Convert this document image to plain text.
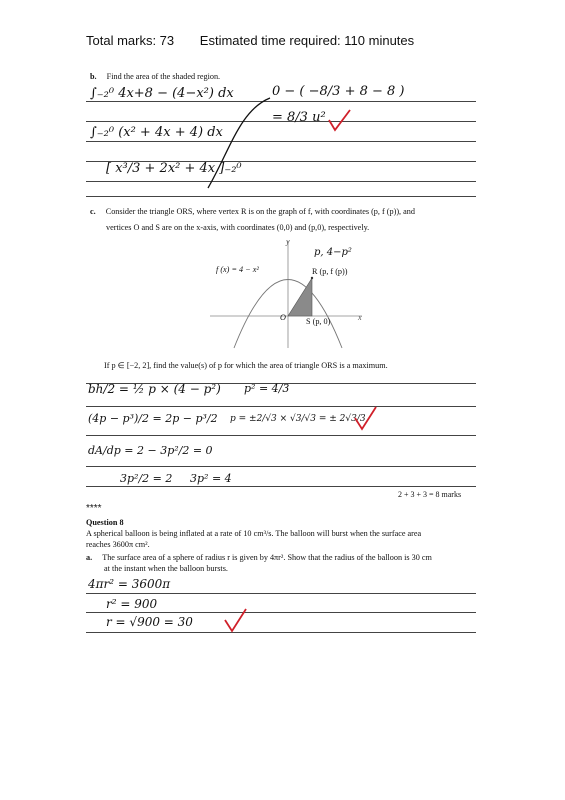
Total marks: 73 Estimated time required: 110 minutes
b. Find the area of the shaded region.
∫₋₂⁰ 4x+8 − (4−x²) dx
∫₋₂⁰ (x² + 4x + 4) dx
[ x³/3 + 2x² + 4x ]₋₂⁰
0 − ( −8/3 + 8 − 8 )
= 8/3 u²
c. Consider the triangle ORS, where vertex R is on the graph of f, with coordinates (p, f (p)), and
vertices O and S are on the x-axis, with coordinates (0,0) and (p,0), respectively.
f (x) = 4 − x²	R (p, f (p))
O S (p, 0)	x
y
p, 4−p²
If p ∈ [−2, 2], find the value(s) of p for which the area of triangle ORS is a maximum.
bh/2 = ½ p × (4 − p²) p² = 4/3
(4p − p³)/2 = 2p − p³/2 p = ±2/√3 × √3/√3 = ± 2√3/3
dA/dp = 2 − 3p²/2 = 0
3p²/2 = 2 3p² = 4
2 + 3 + 3 = 8 marks
****
Question 8
A spherical balloon is being inflated at a rate of 10 cm³/s. The balloon will burst when the surface area
reaches 3600π cm².
a. The surface area of a sphere of radius r is given by 4πr². Show that the radius of the balloon is 30 cm
at the instant when the balloon bursts.
4πr² = 3600π
r² = 900
r = √900 = 30
